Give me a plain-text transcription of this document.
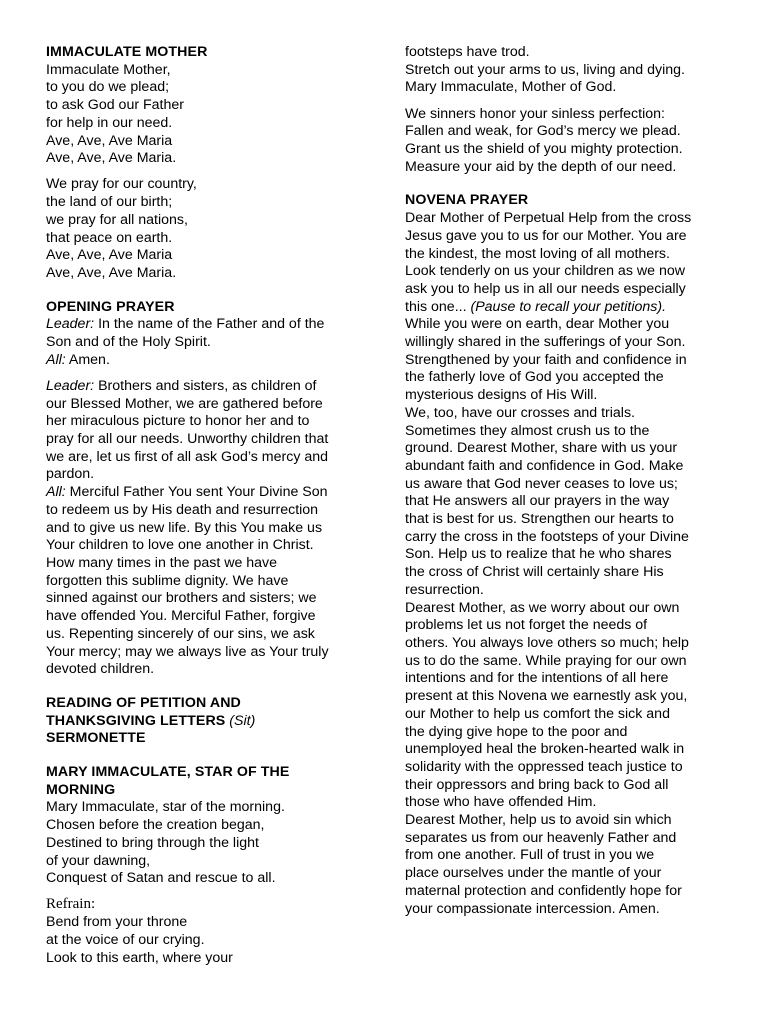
IMMACULATE MOTHER
Immaculate Mother,
to you do we plead;
to ask God our Father
for help in our need.
Ave, Ave, Ave Maria
Ave, Ave, Ave Maria.
We pray for our country,
the land of our birth;
we pray for all nations,
that peace on earth.
Ave, Ave, Ave Maria
Ave, Ave, Ave Maria.
OPENING PRAYER
Leader: In the name of the Father and of the
Son and of the Holy Spirit.
All: Amen.
Leader: Brothers and sisters, as children of
our Blessed Mother, we are gathered before
her miraculous picture to honor her and to
pray for all our needs. Unworthy children that
we are, let us first of all ask God’s mercy and
pardon.
All: Merciful Father You sent Your Divine Son
to redeem us by His death and resurrection
and to give us new life. By this You make us
Your children to love one another in Christ.
How many times in the past we have
forgotten this sublime dignity. We have
sinned against our brothers and sisters; we
have offended You. Merciful Father, forgive
us. Repenting sincerely of our sins, we ask
Your mercy; may we always live as Your truly
devoted children.
READING OF PETITION AND
THANKSGIVING LETTERS (Sit)
SERMONETTE
MARY IMMACULATE, STAR OF THE
MORNING
Mary Immaculate, star of the morning.
Chosen before the creation began,
Destined to bring through the light
of your dawning,
Conquest of Satan and rescue to all.
Refrain:
Bend from your throne
at the voice of our crying.
Look to this earth, where your
footsteps have trod.
Stretch out your arms to us, living and dying.
Mary Immaculate, Mother of God.
We sinners honor your sinless perfection:
Fallen and weak, for God’s mercy we plead.
Grant us the shield of you mighty protection.
Measure your aid by the depth of our need.
NOVENA PRAYER
Dear Mother of Perpetual Help from the cross
Jesus gave you to us for our Mother. You are
the kindest, the most loving of all mothers.
Look tenderly on us your children as we now
ask you to help us in all our needs especially
this one... (Pause to recall your petitions).
While you were on earth, dear Mother you
willingly shared in the sufferings of your Son.
Strengthened by your faith and confidence in
the fatherly love of God you accepted the
mysterious designs of His Will.
We, too, have our crosses and trials.
Sometimes they almost crush us to the
ground. Dearest Mother, share with us your
abundant faith and confidence in God. Make
us aware that God never ceases to love us;
that He answers all our prayers in the way
that is best for us. Strengthen our hearts to
carry the cross in the footsteps of your Divine
Son. Help us to realize that he who shares
the cross of Christ will certainly share His
resurrection.
Dearest Mother, as we worry about our own
problems let us not forget the needs of
others. You always love others so much; help
us to do the same. While praying for our own
intentions and for the intentions of all here
present at this Novena we earnestly ask you,
our Mother to help us comfort the sick and
the dying give hope to the poor and
unemployed heal the broken-hearted walk in
solidarity with the oppressed teach justice to
their oppressors and bring back to God all
those who have offended Him.
Dearest Mother, help us to avoid sin which
separates us from our heavenly Father and
from one another. Full of trust in you we
place ourselves under the mantle of your
maternal protection and confidently hope for
your compassionate intercession. Amen.
